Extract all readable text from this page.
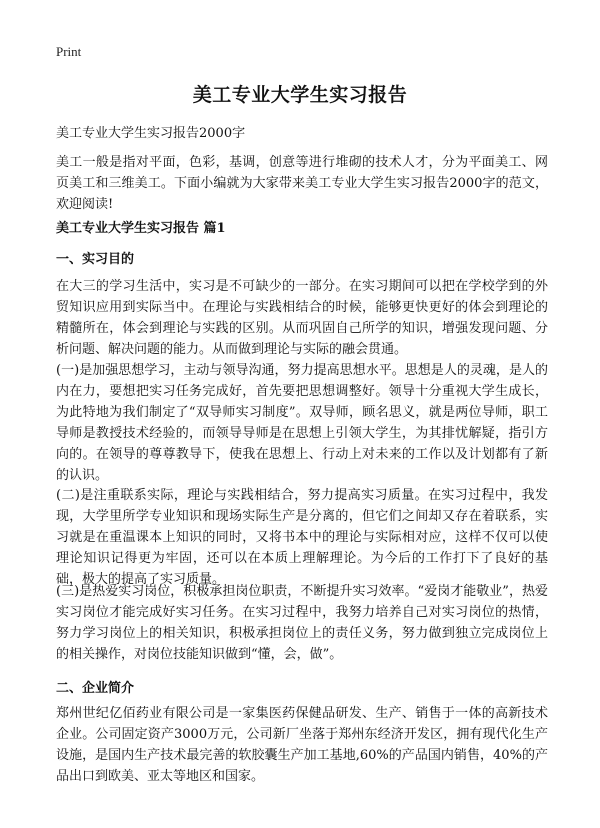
Print
美工专业大学生实习报告
美工专业大学生实习报告2000字

美工一般是指对平面，色彩，基调，创意等进行堆砌的技术人才，分为平面美工、网页美工和三维美工。下面小编就为大家带来美工专业大学生实习报告2000字的范文，欢迎阅读!

美工专业大学生实习报告 篇1
一、实习目的

在大三的学习生活中，实习是不可缺少的一部分。在实习期间可以把在学校学到的外贸知识应用到实际当中。在理论与实践相结合的时候，能够更快更好的体会到理论的精髓所在，体会到理论与实践的区别。从而巩固自己所学的知识，增强发现问题、分析问题、解决问题的能力。从而做到理论与实际的融会贯通。

(一)是加强思想学习，主动与领导沟通，努力提高思想水平。思想是人的灵魂，是人的内在力，要想把实习任务完成好，首先要把思想调整好。领导十分重视大学生成长，为此特地为我们制定了“双导师实习制度”。双导师，顾名思义，就是两位导师，职工导师是教授技术经验的，而领导导师是在思想上引领大学生，为其排忧解疑，指引方向的。在领导的尊尊教导下，使我在思想上、行动上对未来的工作以及计划都有了新的认识。

(二)是注重联系实际，理论与实践相结合，努力提高实习质量。在实习过程中，我发现，大学里所学专业知识和现场实际生产是分离的，但它们之间却又存在着联系，实习就是在重温课本上知识的同时，又将书本中的理论与实际相对应，这样不仅可以使理论知识记得更为牢固，还可以在本质上理解理论。为今后的工作打下了良好的基础，极大的提高了实习质量。

(三)是热爱实习岗位，积极承担岗位职责，不断提升实习效率。“爱岗才能敬业”，热爱实习岗位才能完成好实习任务。在实习过程中，我努力培养自己对实习岗位的热情，努力学习岗位上的相关知识，积极承担岗位上的责任义务，努力做到独立完成岗位上的相关操作，对岗位技能知识做到“懂，会，做”。

二、企业简介

郑州世纪亿佰药业有限公司是一家集医药保健品研发、生产、销售于一体的高新技术企业。公司固定资产3000万元，公司新厂坐落于郑州东经济开发区，拥有现代化生产设施，是国内生产技术最完善的软胶囊生产加工基地,60%的产品国内销售，40%的产品出口到欧美、亚太等地区和国家。
